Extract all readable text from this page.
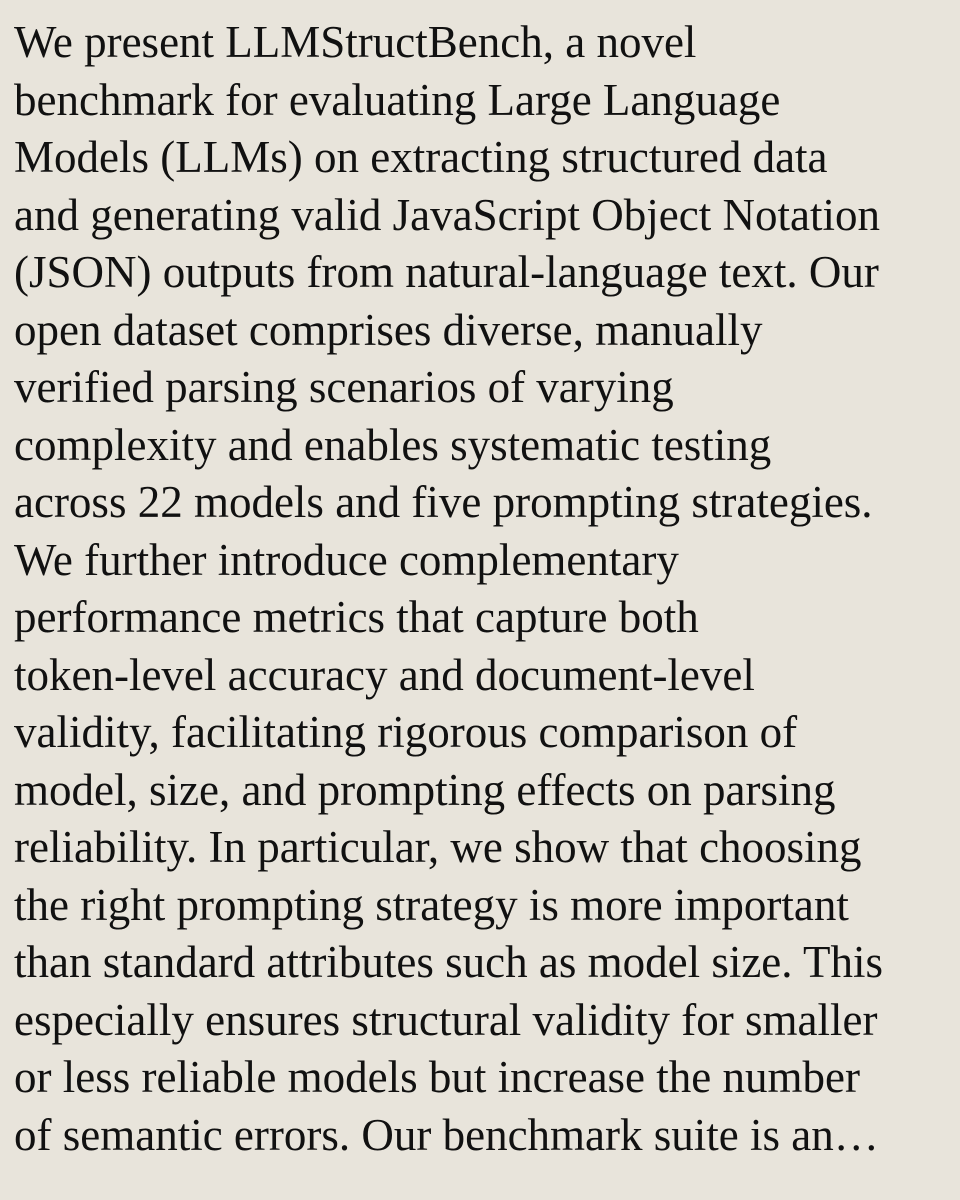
We present LLMStructBench, a novel
benchmark for evaluating Large Language
Models (LLMs) on extracting structured data
and generating valid JavaScript Object Notation
(JSON) outputs from natural-language text. Our
open dataset comprises diverse, manually
verified parsing scenarios of varying
complexity and enables systematic testing
across 22 models and five prompting strategies.
We further introduce complementary
performance metrics that capture both
token-level accuracy and document-level
validity, facilitating rigorous comparison of
model, size, and prompting effects on parsing
reliability. In particular, we show that choosing
the right prompting strategy is more important
than standard attributes such as model size. This
especially ensures structural validity for smaller
or less reliable models but increase the number
of semantic errors. Our benchmark suite is an…
